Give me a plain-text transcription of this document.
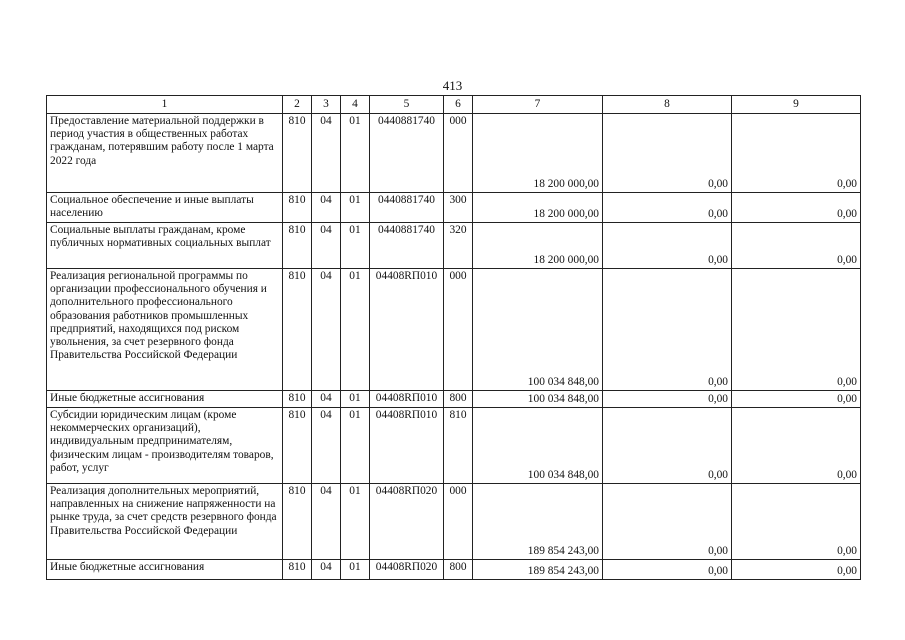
413
1	2	3	4	5	6	7	8	9
Предоставление материальной поддержки в период участия в общественных работах гражданам, потерявшим работу после 1 марта 2022 года	810	04	01	0440881740	000	18 200 000,00	0,00	0,00
Социальное обеспечение и иные выплаты населению	810	04	01	0440881740	300	18 200 000,00	0,00	0,00
Социальные выплаты гражданам, кроме публичных нормативных социальных выплат	810	04	01	0440881740	320	18 200 000,00	0,00	0,00
Реализация региональной программы по организации профессионального обучения и дополнительного профессионального образования работников промышленных предприятий, находящихся под риском увольнения, за счет резервного фонда Правительства Российской Федерации	810	04	01	04408RП010	000	100 034 848,00	0,00	0,00
Иные бюджетные ассигнования	810	04	01	04408RП010	800	100 034 848,00	0,00	0,00
Субсидии юридическим лицам (кроме некоммерческих организаций), индивидуальным предпринимателям, физическим лицам - производителям товаров, работ, услуг	810	04	01	04408RП010	810	100 034 848,00	0,00	0,00
Реализация дополнительных мероприятий, направленных на снижение напряженности на рынке труда, за счет средств резервного фонда Правительства Российской Федерации	810	04	01	04408RП020	000	189 854 243,00	0,00	0,00
Иные бюджетные ассигнования	810	04	01	04408RП020	800	189 854 243,00	0,00	0,00
